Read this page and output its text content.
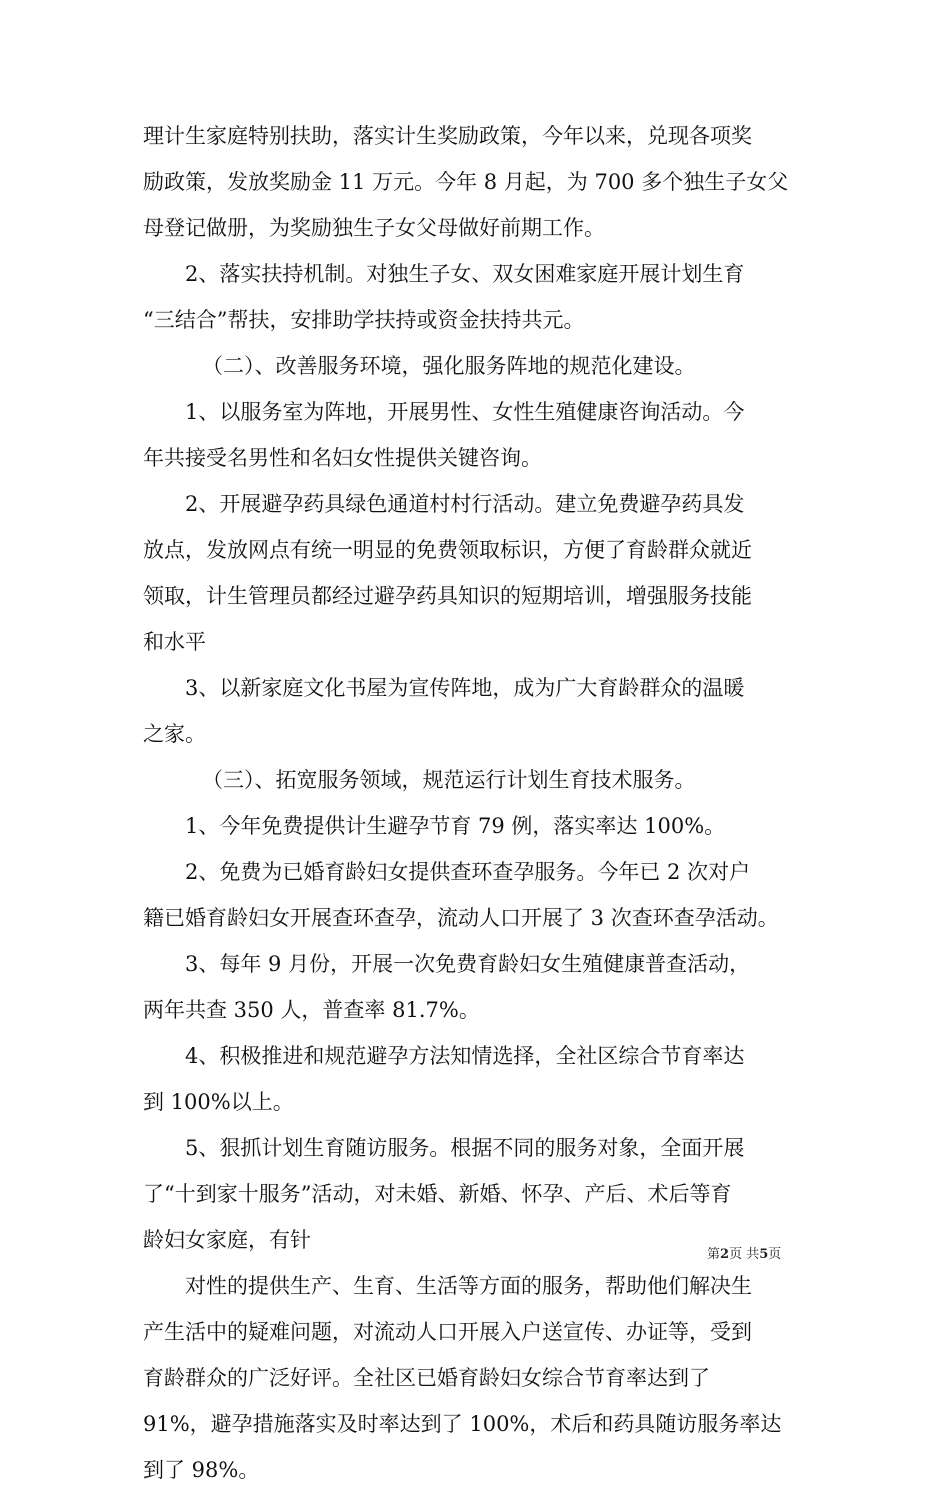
理计生家庭特别扶助，落实计生奖励政策，今年以来，兑现各项奖
励政策，发放奖励金 11 万元。今年 8 月起，为 700 多个独生子女父
母登记做册，为奖励独生子女父母做好前期工作。
2、落实扶持机制。对独生子女、双女困难家庭开展计划生育
“三结合”帮扶，安排助学扶持或资金扶持共元。
（二）、改善服务环境，强化服务阵地的规范化建设。
1、以服务室为阵地，开展男性、女性生殖健康咨询活动。今
年共接受名男性和名妇女性提供关键咨询。
2、开展避孕药具绿色通道村村行活动。建立免费避孕药具发
放点，发放网点有统一明显的免费领取标识，方便了育龄群众就近
领取，计生管理员都经过避孕药具知识的短期培训，增强服务技能
和水平
3、以新家庭文化书屋为宣传阵地，成为广大育龄群众的温暖
之家。
（三）、拓宽服务领域，规范运行计划生育技术服务。
1、今年免费提供计生避孕节育 79 例，落实率达 100%。
2、免费为已婚育龄妇女提供查环查孕服务。今年已 2 次对户
籍已婚育龄妇女开展查环查孕，流动人口开展了 3 次查环查孕活动。
3、每年 9 月份，开展一次免费育龄妇女生殖健康普查活动，
两年共查 350 人，普查率 81.7%。
4、积极推进和规范避孕方法知情选择，全社区综合节育率达
到 100%以上。
5、狠抓计划生育随访服务。根据不同的服务对象，全面开展
了“十到家十服务”活动，对未婚、新婚、怀孕、产后、术后等育
龄妇女家庭，有针
对性的提供生产、生育、生活等方面的服务，帮助他们解决生
产生活中的疑难问题，对流动人口开展入户送宣传、办证等，受到
育龄群众的广泛好评。全社区已婚育龄妇女综合节育率达到了
91%，避孕措施落实及时率达到了 100%，术后和药具随访服务率达
到了 98%。
第2页 共5页
